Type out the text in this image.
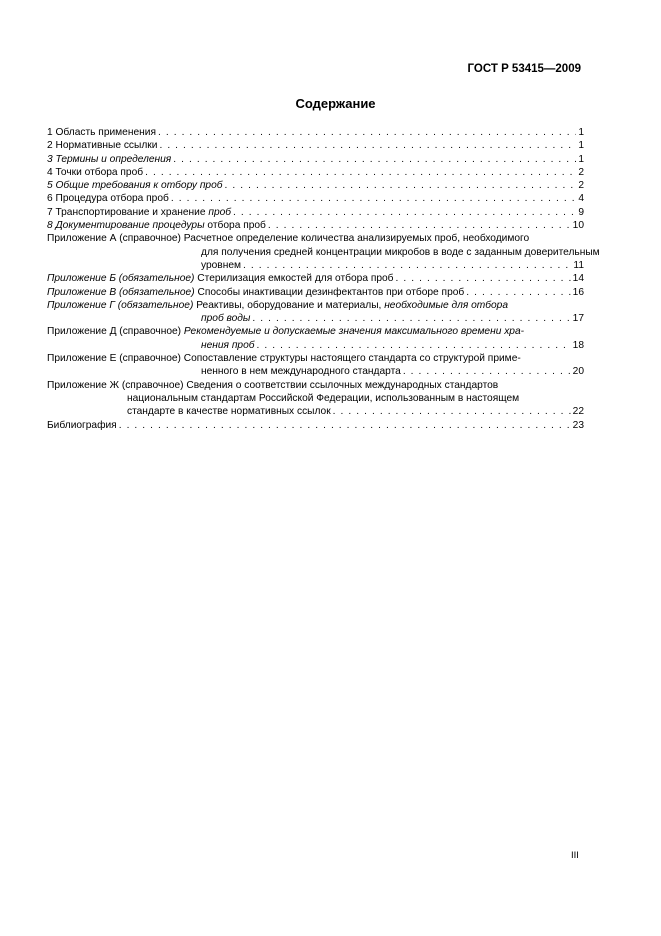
ГОСТ Р 53415—2009
Содержание
1 Область применения . . .	1
2 Нормативные ссылки . . .	1
3 Термины и определения . . .	1
4 Точки отбора проб . . .	2
5 Общие требования к отбору проб . . .	2
6 Процедура отбора проб . . .	4
7 Транспортирование и хранение проб . . .	9
8 Документирование процедуры отбора проб . . .	10
Приложение А (справочное) Расчетное определение количества анализируемых проб, необходимого
для получения средней концентрации микробов в воде с заданным доверительным
уровнем . . .	11
Приложение Б (обязательное) Стерилизация емкостей для отбора проб . . .	14
Приложение В (обязательное) Способы инактивации дезинфектантов при отборе проб . . .	16
Приложение Г (обязательное) Реактивы, оборудование и материалы, необходимые для отбора
проб воды . . .	17
Приложение Д (справочное) Рекомендуемые и допускаемые значения максимального времени хра-
нения проб . . .	18
Приложение Е (справочное) Сопоставление структуры настоящего стандарта со структурой приме-
ненного в нем международного стандарта . . .	20
Приложение Ж (справочное) Сведения о соответствии ссылочных международных стандартов
национальным стандартам Российской Федерации, использованным в настоящем
стандарте в качестве нормативных ссылок . . .	22
Библиография . . .	23
III
